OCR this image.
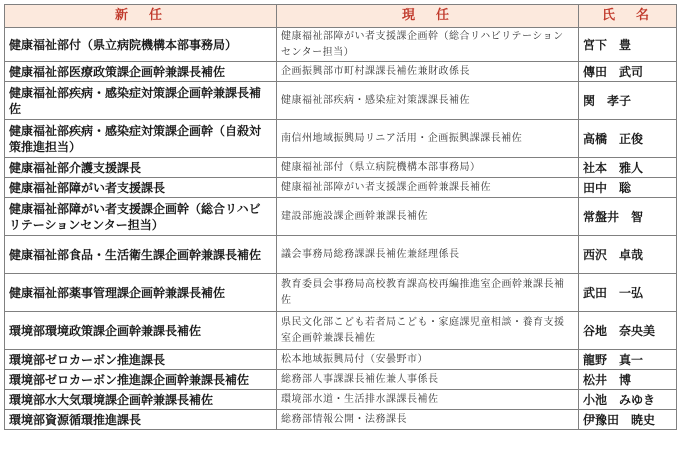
新　任	現　任	氏　名
健康福祉部付（県立病院機構本部事務局）	健康福祉部障がい者支援課企画幹（総合リハビリテーションセンター担当）	宮下　豊
健康福祉部医療政策課企画幹兼課長補佐	企画振興部市町村課課長補佐兼財政係長	傳田　武司
健康福祉部疾病・感染症対策課企画幹兼課長補佐	健康福祉部疾病・感染症対策課課長補佐	関　孝子
健康福祉部疾病・感染症対策課企画幹（自殺対策推進担当）	南信州地域振興局リニア活用・企画振興課課長補佐	高橋　正俊
健康福祉部介護支援課長	健康福祉部付（県立病院機構本部事務局）	社本　雅人
健康福祉部障がい者支援課長	健康福祉部障がい者支援課企画幹兼課長補佐	田中　聡
健康福祉部障がい者支援課企画幹（総合リハビリテーションセンター担当）	建設部施設課企画幹兼課長補佐	常盤井　智
健康福祉部食品・生活衛生課企画幹兼課長補佐	議会事務局総務課課長補佐兼経理係長	西沢　卓哉
健康福祉部薬事管理課企画幹兼課長補佐	教育委員会事務局高校教育課高校再編推進室企画幹兼課長補佐	武田　一弘
環境部環境政策課企画幹兼課長補佐	県民文化部こども若者局こども・家庭課児童相談・養育支援室企画幹兼課長補佐	谷地　奈央美
環境部ゼロカーボン推進課長	松本地域振興局付（安曇野市）	龍野　真一
環境部ゼロカーボン推進課企画幹兼課長補佐	総務部人事課課長補佐兼人事係長	松井　博
環境部水大気環境課企画幹兼課長補佐	環境部水道・生活排水課課長補佐	小池　みゆき
環境部資源循環推進課長	総務部情報公開・法務課長	伊豫田　暁史
